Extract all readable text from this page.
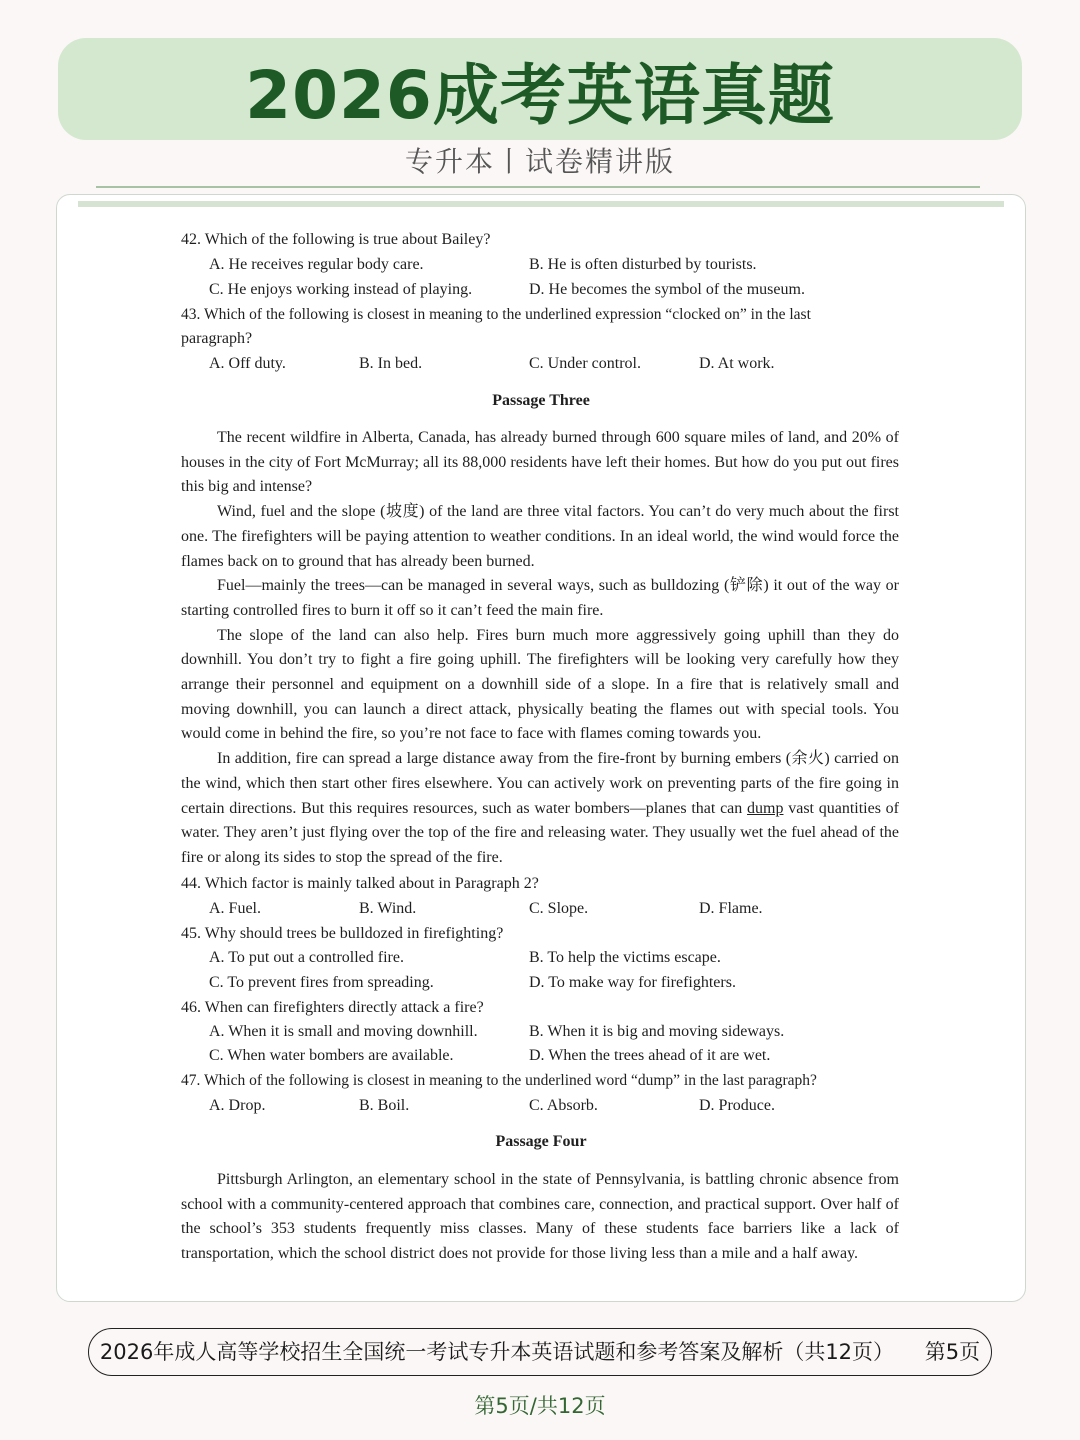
2026成考英语真题
专升本丨试卷精讲版
42. Which of the following is true about Bailey?
A. He receives regular body care.	B. He is often disturbed by tourists.
C. He enjoys working instead of playing.	D. He becomes the symbol of the museum.
43. Which of the following is closest in meaning to the underlined expression “clocked on” in the last
paragraph?
A. Off duty.	B. In bed.	C. Under control.	D. At work.
Passage Three

The recent wildfire in Alberta, Canada, has already burned through 600 square miles of land, and 20% of houses in the city of Fort McMurray; all its 88,000 residents have left their homes. But how do you put out fires this big and intense?

Wind, fuel and the slope (坡度) of the land are three vital factors. You can’t do very much about the first one. The firefighters will be paying attention to weather conditions. In an ideal world, the wind would force the flames back on to ground that has already been burned.

Fuel—mainly the trees—can be managed in several ways, such as bulldozing (铲除) it out of the way or starting controlled fires to burn it off so it can’t feed the main fire.

The slope of the land can also help. Fires burn much more aggressively going uphill than they do downhill. You don’t try to fight a fire going uphill. The firefighters will be looking very carefully how they arrange their personnel and equipment on a downhill side of a slope. In a fire that is relatively small and moving downhill, you can launch a direct attack, physically beating the flames out with special tools. You would come in behind the fire, so you’re not face to face with flames coming towards you.

In addition, fire can spread a large distance away from the fire-front by burning embers (余火) carried on the wind, which then start other fires elsewhere. You can actively work on preventing parts of the fire going in certain directions. But this requires resources, such as water bombers—planes that can dump vast quantities of water. They aren’t just flying over the top of the fire and releasing water. They usually wet the fuel ahead of the fire or along its sides to stop the spread of the fire.

44. Which factor is mainly talked about in Paragraph 2?
A. Fuel.	B. Wind.	C. Slope.	D. Flame.
45. Why should trees be bulldozed in firefighting?
A. To put out a controlled fire.	B. To help the victims escape.
C. To prevent fires from spreading.	D. To make way for firefighters.
46. When can firefighters directly attack a fire?
A. When it is small and moving downhill.	B. When it is big and moving sideways.
C. When water bombers are available.	D. When the trees ahead of it are wet.
47. Which of the following is closest in meaning to the underlined word “dump” in the last paragraph?
A. Drop.	B. Boil.	C. Absorb.	D. Produce.
Passage Four

Pittsburgh Arlington, an elementary school in the state of Pennsylvania, is battling chronic absence from school with a community-centered approach that combines care, connection, and practical support. Over half of the school’s 353 students frequently miss classes. Many of these students face barriers like a lack of transportation, which the school district does not provide for those living less than a mile and a half away.

2026年成人高等学校招生全国统一考试专升本英语试题和参考答案及解析（共12页） 第5页
第5页/共12页
